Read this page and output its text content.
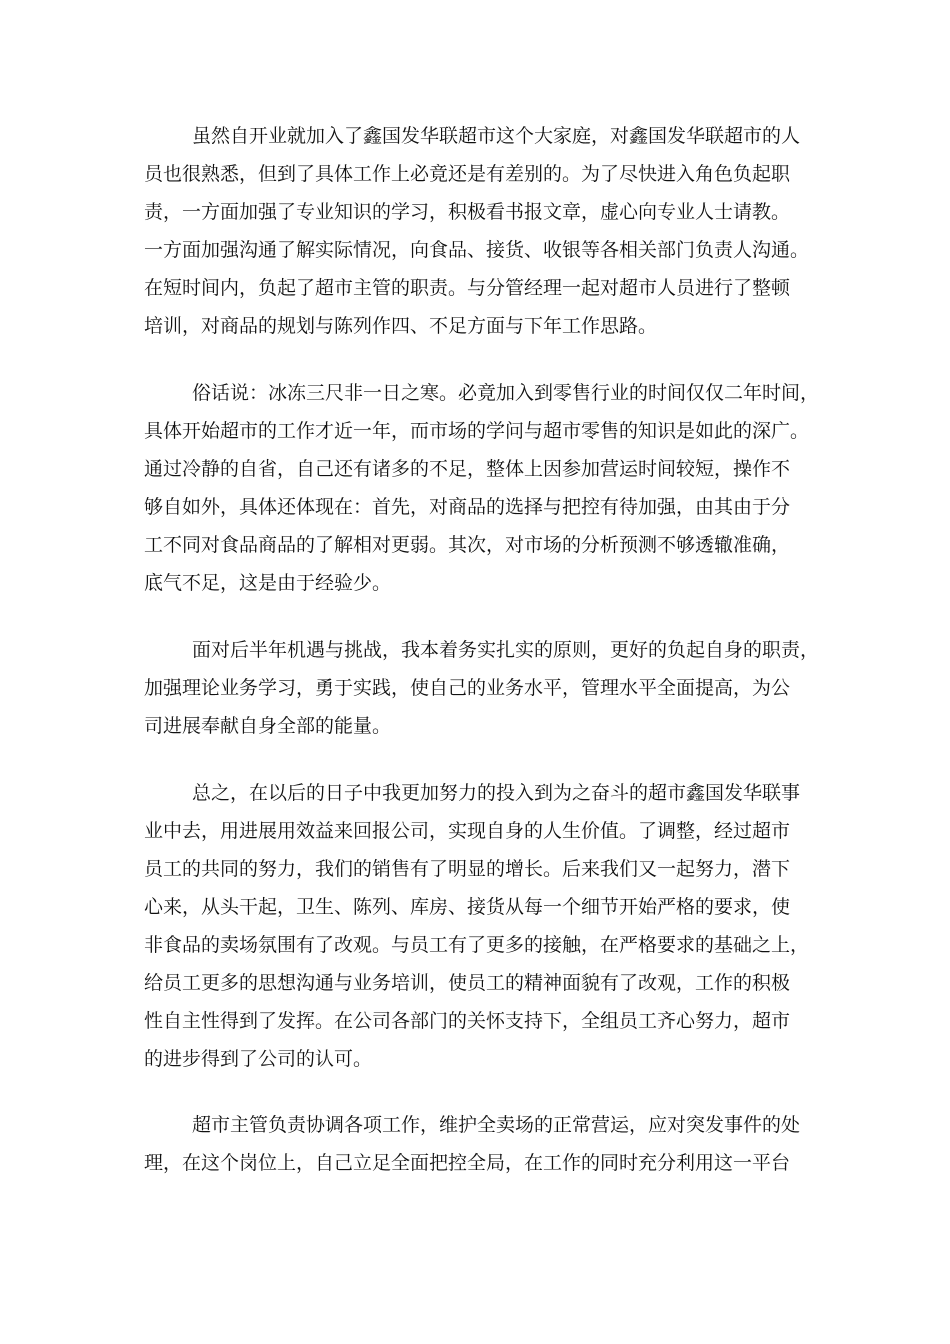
虽然自开业就加入了鑫国发华联超市这个大家庭，对鑫国发华联超市的人
员也很熟悉，但到了具体工作上必竟还是有差别的。为了尽快进入角色负起职
责，一方面加强了专业知识的学习，积极看书报文章，虚心向专业人士请教。
一方面加强沟通了解实际情况，向食品、接货、收银等各相关部门负责人沟通。
在短时间内，负起了超市主管的职责。与分管经理一起对超市人员进行了整顿
培训，对商品的规划与陈列作四、不足方面与下年工作思路。
俗话说：冰冻三尺非一日之寒。必竟加入到零售行业的时间仅仅二年时间，
具体开始超市的工作才近一年，而市场的学问与超市零售的知识是如此的深广。
通过冷静的自省，自己还有诸多的不足，整体上因参加营运时间较短，操作不
够自如外，具体还体现在：首先，对商品的选择与把控有待加强，由其由于分
工不同对食品商品的了解相对更弱。其次，对市场的分析预测不够透辙准确，
底气不足，这是由于经验少。
面对后半年机遇与挑战，我本着务实扎实的原则，更好的负起自身的职责，
加强理论业务学习，勇于实践，使自己的业务水平，管理水平全面提高，为公
司进展奉献自身全部的能量。
总之，在以后的日子中我更加努力的投入到为之奋斗的超市鑫国发华联事
业中去，用进展用效益来回报公司，实现自身的人生价值。了调整，经过超市
员工的共同的努力，我们的销售有了明显的增长。后来我们又一起努力，潜下
心来，从头干起，卫生、陈列、库房、接货从每一个细节开始严格的要求，使
非食品的卖场氛围有了改观。与员工有了更多的接触，在严格要求的基础之上，
给员工更多的思想沟通与业务培训，使员工的精神面貌有了改观，工作的积极
性自主性得到了发挥。在公司各部门的关怀支持下，全组员工齐心努力，超市
的进步得到了公司的认可。
超市主管负责协调各项工作，维护全卖场的正常营运，应对突发事件的处
理，在这个岗位上，自己立足全面把控全局，在工作的同时充分利用这一平台
